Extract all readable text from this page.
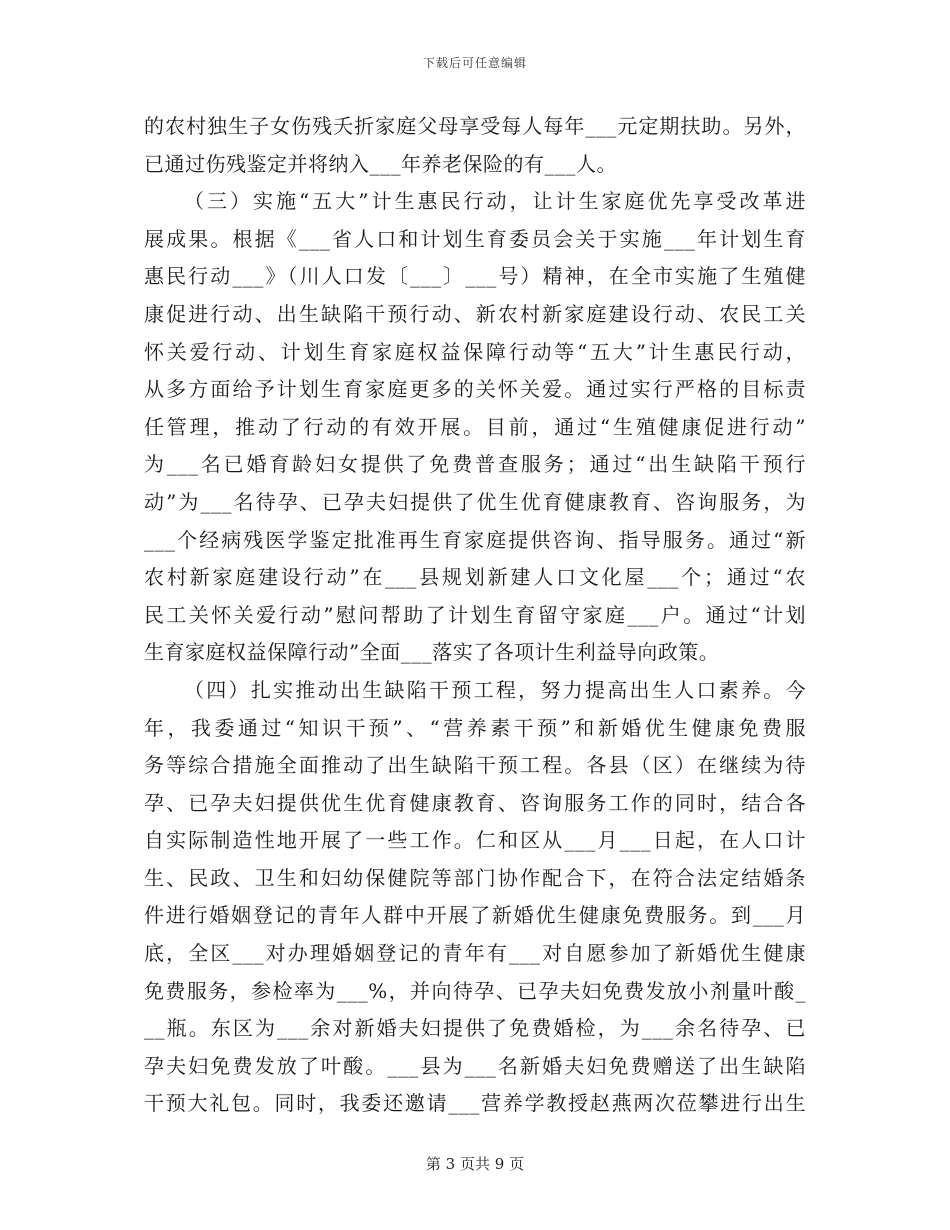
下载后可任意编辑
的农村独生子女伤残夭折家庭父母享受每人每年___元定期扶助。另外，
已通过伤残鉴定并将纳入___年养老保险的有___人。
（三）实施“五大”计生惠民行动，让计生家庭优先享受改革进
展成果。根据《___省人口和计划生育委员会关于实施___年计划生育
惠民行动___》（川人口发〔___〕___号）精神，在全市实施了生殖健
康促进行动、出生缺陷干预行动、新农村新家庭建设行动、农民工关
怀关爱行动、计划生育家庭权益保障行动等“五大”计生惠民行动，
从多方面给予计划生育家庭更多的关怀关爱。通过实行严格的目标责
任管理，推动了行动的有效开展。目前，通过“生殖健康促进行动”
为___名已婚育龄妇女提供了免费普查服务；通过“出生缺陷干预行
动”为___名待孕、已孕夫妇提供了优生优育健康教育、咨询服务，为
___个经病残医学鉴定批准再生育家庭提供咨询、指导服务。通过“新
农村新家庭建设行动”在___县规划新建人口文化屋___个；通过“农
民工关怀关爱行动”慰问帮助了计划生育留守家庭___户。通过“计划
生育家庭权益保障行动”全面___落实了各项计生利益导向政策。
（四）扎实推动出生缺陷干预工程，努力提高出生人口素养。今
年，我委通过“知识干预”、“营养素干预”和新婚优生健康免费服
务等综合措施全面推动了出生缺陷干预工程。各县（区）在继续为待
孕、已孕夫妇提供优生优育健康教育、咨询服务工作的同时，结合各
自实际制造性地开展了一些工作。仁和区从___月___日起，在人口计
生、民政、卫生和妇幼保健院等部门协作配合下，在符合法定结婚条
件进行婚姻登记的青年人群中开展了新婚优生健康免费服务。到___月
底，全区___对办理婚姻登记的青年有___对自愿参加了新婚优生健康
免费服务，参检率为___%，并向待孕、已孕夫妇免费发放小剂量叶酸_
__瓶。东区为___余对新婚夫妇提供了免费婚检，为___余名待孕、已
孕夫妇免费发放了叶酸。___县为___名新婚夫妇免费赠送了出生缺陷
干预大礼包。同时，我委还邀请___营养学教授赵燕两次莅攀进行出生
第 3 页共 9 页
